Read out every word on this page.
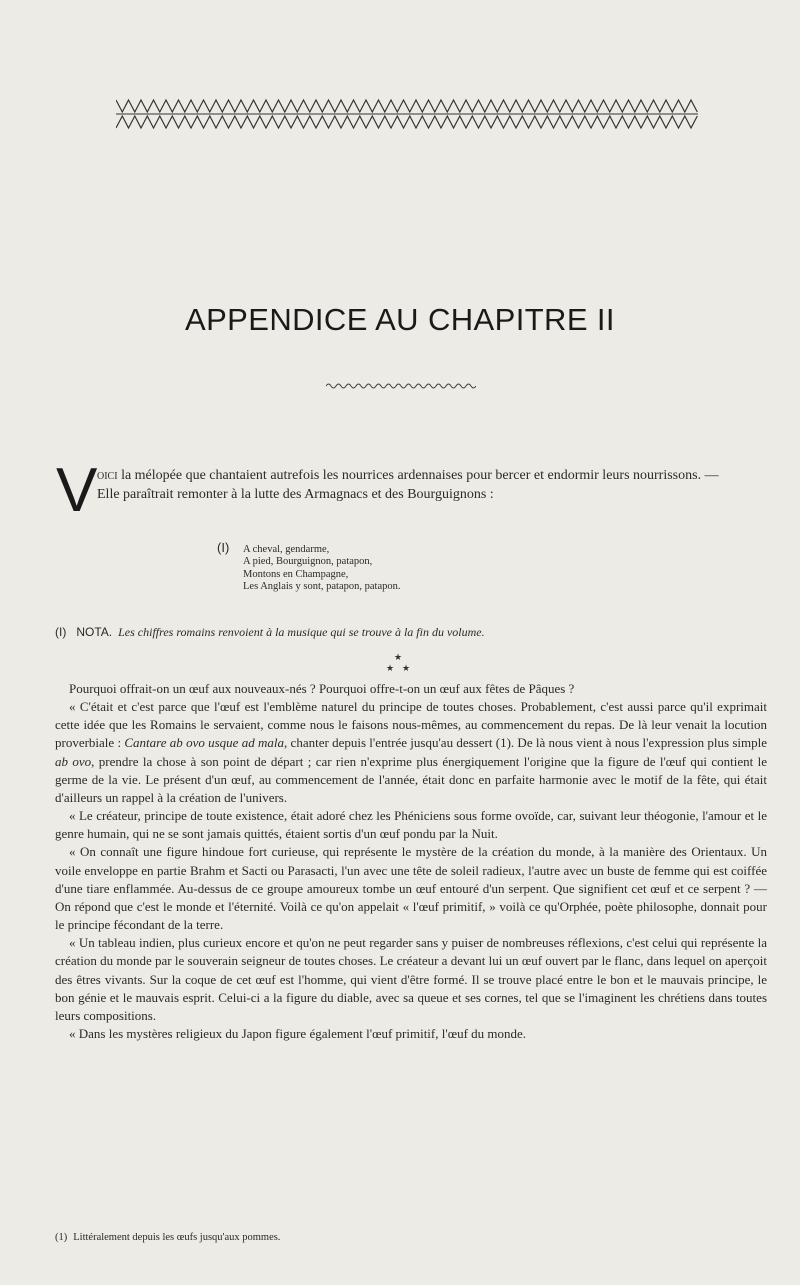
APPENDICE AU CHAPITRE II
V oici la mélopée que chantaient autrefois les nourrices ardennaises pour bercer et endormir leurs nourrissons. — Elle paraîtrait remonter à la lutte des Armagnacs et des Bourguignons :

(I) A cheval, gendarme,
A pied, Bourguignon, patapon,
Montons en Champagne,
Les Anglais y sont, patapon, patapon.
(I) NOTA. Les chiffres romains renvoient à la musique qui se trouve à la fin du volume.
★
★ ★

Pourquoi offrait-on un œuf aux nouveaux-nés ? Pourquoi offre-t-on un œuf aux fêtes de Pâques ?

« C'était et c'est parce que l'œuf est l'emblème naturel du principe de toutes choses. Probablement, c'est aussi parce qu'il exprimait cette idée que les Romains le servaient, comme nous le faisons nous-mêmes, au commencement du repas. De là leur venait la locution proverbiale : Cantare ab ovo usque ad mala, chanter depuis l'entrée jusqu'au dessert (1). De là nous vient à nous l'expression plus simple ab ovo, prendre la chose à son point de départ ; car rien n'exprime plus énergiquement l'origine que la figure de l'œuf qui contient le germe de la vie. Le présent d'un œuf, au commencement de l'année, était donc en parfaite harmonie avec le motif de la fête, qui était d'ailleurs un rappel à la création de l'univers.

« Le créateur, principe de toute existence, était adoré chez les Phéniciens sous forme ovoïde, car, suivant leur théogonie, l'amour et le genre humain, qui ne se sont jamais quittés, étaient sortis d'un œuf pondu par la Nuit.

« On connaît une figure hindoue fort curieuse, qui représente le mystère de la création du monde, à la manière des Orientaux. Un voile enveloppe en partie Brahm et Sacti ou Parasacti, l'un avec une tête de soleil radieux, l'autre avec un buste de femme qui est coiffée d'une tiare enflammée. Au-dessus de ce groupe amoureux tombe un œuf entouré d'un serpent. Que signifient cet œuf et ce serpent ? — On répond que c'est le monde et l'éternité. Voilà ce qu'on appelait « l'œuf primitif, » voilà ce qu'Orphée, poète philosophe, donnait pour le principe fécondant de la terre.

« Un tableau indien, plus curieux encore et qu'on ne peut regarder sans y puiser de nombreuses réflexions, c'est celui qui représente la création du monde par le souverain seigneur de toutes choses. Le créateur a devant lui un œuf ouvert par le flanc, dans lequel on aperçoit des êtres vivants. Sur la coque de cet œuf est l'homme, qui vient d'être formé. Il se trouve placé entre le bon et le mauvais principe, le bon génie et le mauvais esprit. Celui-ci a la figure du diable, avec sa queue et ses cornes, tel que se l'imaginent les chrétiens dans toutes leurs compositions.

« Dans les mystères religieux du Japon figure également l'œuf primitif, l'œuf du monde.

(1) Littéralement depuis les œufs jusqu'aux pommes.
